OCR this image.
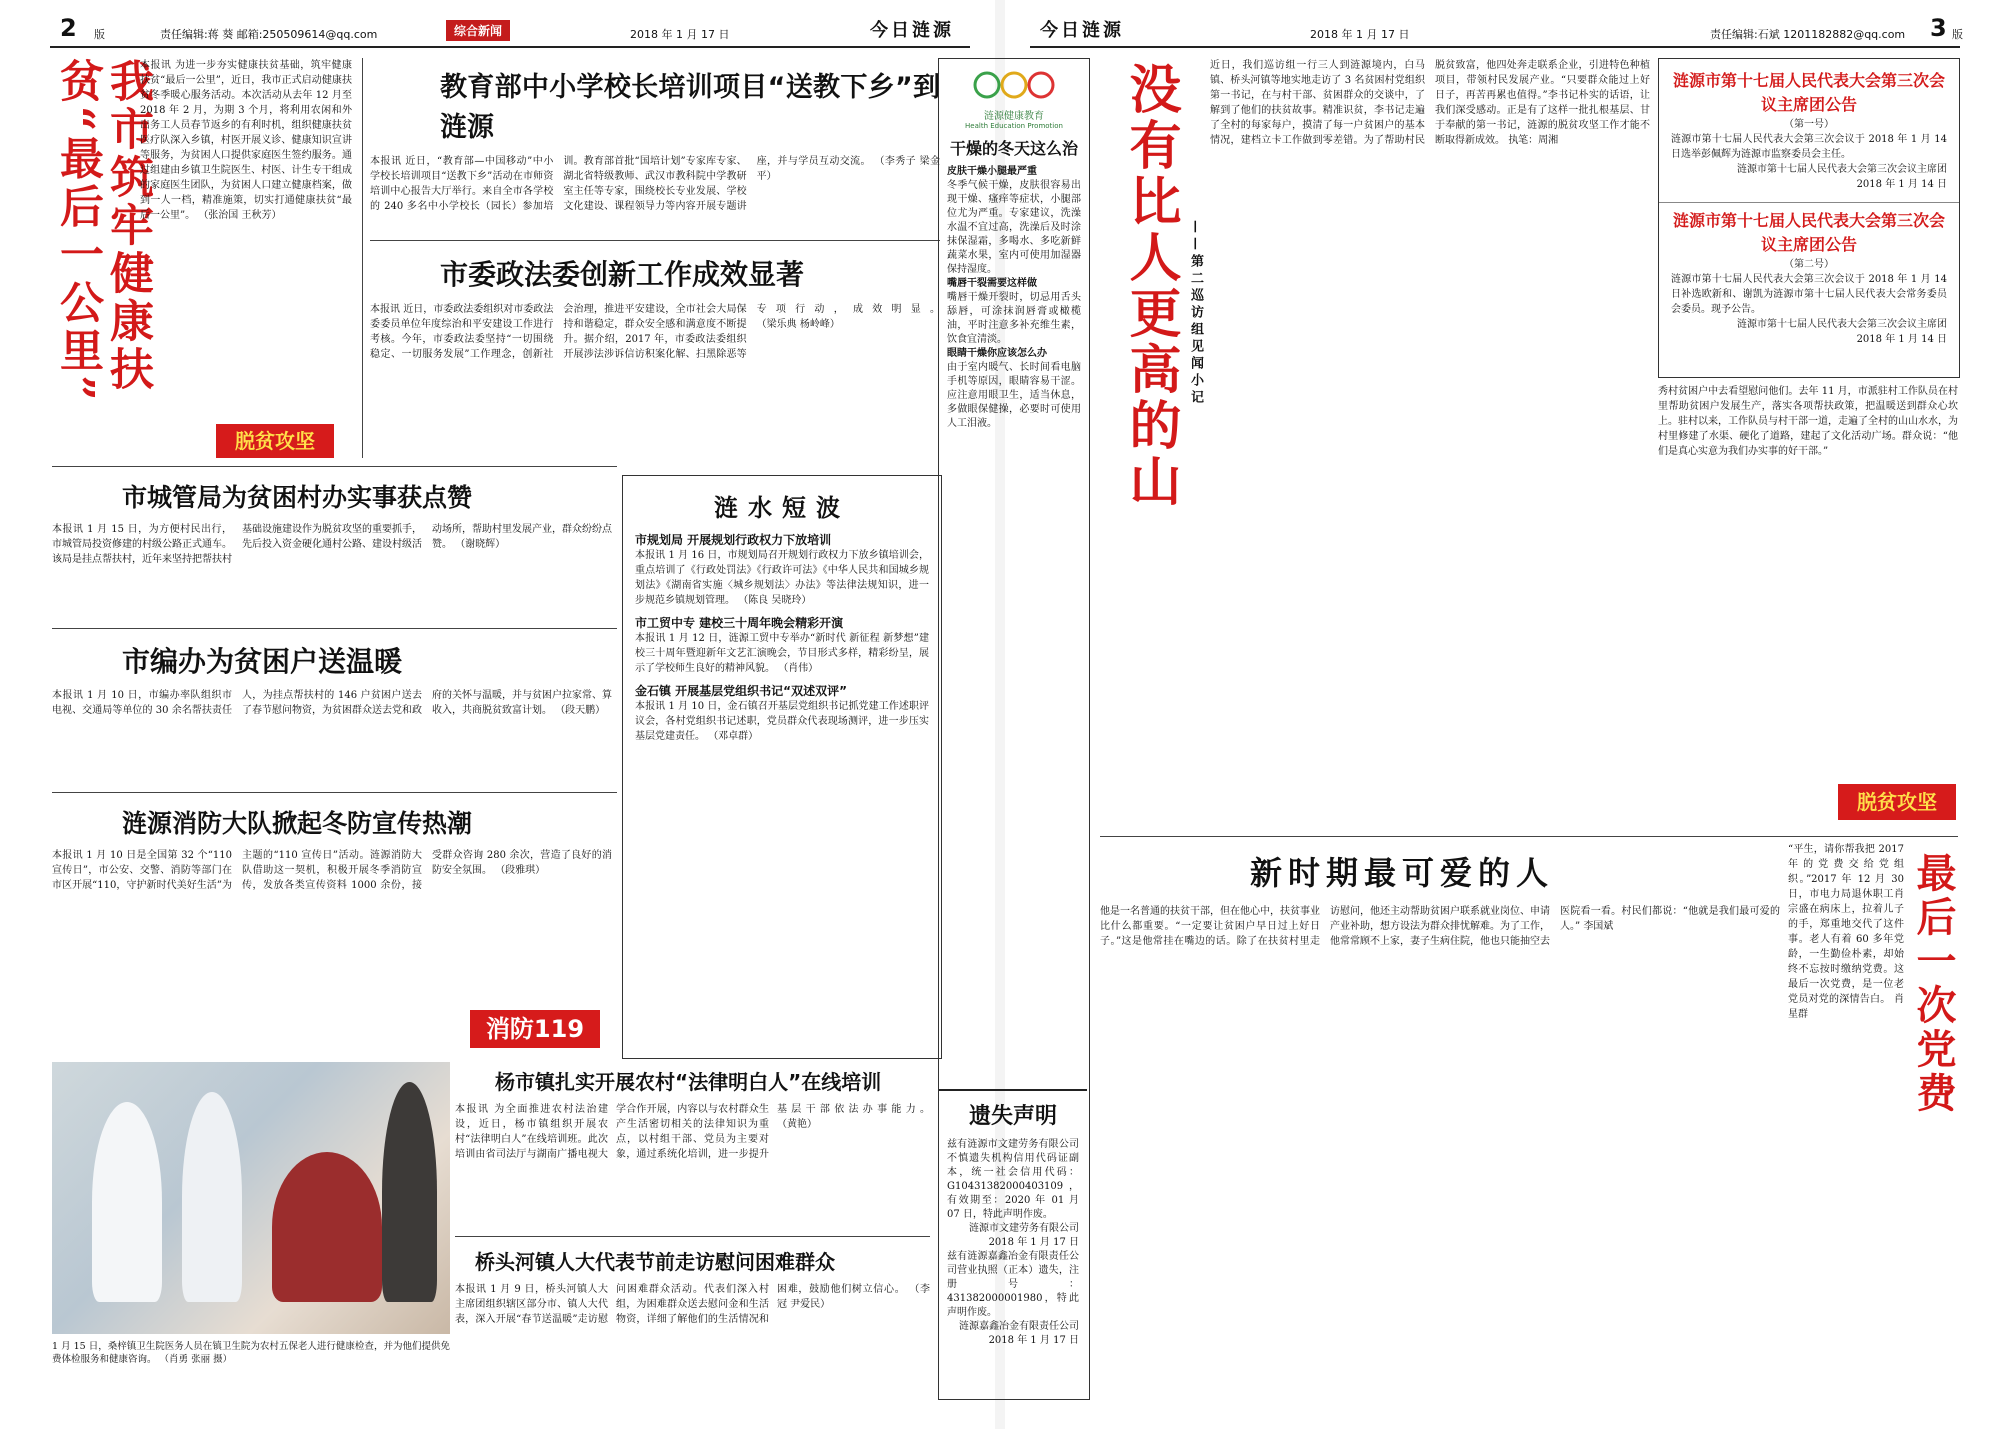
2 版	责任编辑:蒋 葵 邮箱:250509614@qq.com	综合新闻	2018 年 1 月 17 日	今日涟源
我市筑牢健康扶贫“最后一公里”	本报讯 为进一步夯实健康扶贫基础，筑牢健康扶贫“最后一公里”，近日，我市正式启动健康扶贫冬季暖心服务活动。本次活动从去年 12 月至 2018 年 2 月，为期 3 个月，将利用农闲和外出务工人员春节返乡的有利时机，组织健康扶贫医疗队深入乡镇，村医开展义诊、健康知识宣讲等服务，为贫困人口提供家庭医生签约服务。通过组建由乡镇卫生院医生、村医、计生专干组成的家庭医生团队，为贫困人口建立健康档案，做到一人一档，精准施策，切实打通健康扶贫“最后一公里”。 （张治国 王秋芳）
脱贫攻坚
教育部中小学校长培训项目“送教下乡”到涟源
本报讯 近日，“教育部—中国移动”中小学校长培训项目“送教下乡”活动在市师资培训中心报告大厅举行。来自全市各学校的 240 多名中小学校长（园长）参加培训。教育部首批“国培计划”专家库专家、湖北省特级教师、武汉市教科院中学教研室主任等专家，围绕校长专业发展、学校文化建设、课程领导力等内容开展专题讲座，并与学员互动交流。 （李秀子 梁金平）
市委政法委创新工作成效显著
本报讯 近日，市委政法委组织对市委政法委委员单位年度综治和平安建设工作进行考核。今年，市委政法委坚持“一切围绕稳定、一切服务发展”工作理念，创新社会治理，推进平安建设，全市社会大局保持和谐稳定，群众安全感和满意度不断提升。据介绍，2017 年，市委政法委组织开展涉法涉诉信访积案化解、扫黑除恶等专项行动，成效明显。 （梁乐典 杨岭峰）
市城管局为贫困村办实事获点赞
本报讯 1 月 15 日，为方便村民出行，市城管局投资修建的村级公路正式通车。该局是挂点帮扶村，近年来坚持把帮扶村基础设施建设作为脱贫攻坚的重要抓手，先后投入资金硬化通村公路、建设村级活动场所，帮助村里发展产业，群众纷纷点赞。 （谢晓辉）
市编办为贫困户送温暖
本报讯 1 月 10 日，市编办率队组织市电视、交通局等单位的 30 余名帮扶责任人，为挂点帮扶村的 146 户贫困户送去了春节慰问物资，为贫困群众送去党和政府的关怀与温暖，并与贫困户拉家常、算收入，共商脱贫致富计划。 （段天鹏）
涟源消防大队掀起冬防宣传热潮
本报讯 1 月 10 日是全国第 32 个“110 宣传日”，市公安、交警、消防等部门在市区开展“110，守护新时代美好生活”为主题的“110 宣传日”活动。涟源消防大队借助这一契机，积极开展冬季消防宣传，发放各类宣传资料 1000 余份，接受群众咨询 280 余次，营造了良好的消防安全氛围。 （段雅琪）
消防119
涟水短波
市规划局 开展规划行政权力下放培训
本报讯 1 月 16 日，市规划局召开规划行政权力下放乡镇培训会，重点培训了《行政处罚法》《行政许可法》《中华人民共和国城乡规划法》《湖南省实施〈城乡规划法〉办法》等法律法规知识，进一步规范乡镇规划管理。 （陈良 吴晓玲）
市工贸中专 建校三十周年晚会精彩开演
本报讯 1 月 12 日，涟源工贸中专举办“新时代 新征程 新梦想”建校三十周年暨迎新年文艺汇演晚会，节目形式多样，精彩纷呈，展示了学校师生良好的精神风貌。 （肖伟）
金石镇 开展基层党组织书记“双述双评”
本报讯 1 月 10 日，金石镇召开基层党组织书记抓党建工作述职评议会，各村党组织书记述职，党员群众代表现场测评，进一步压实基层党建责任。 （邓卓群）
1 月 15 日，桑梓镇卫生院医务人员在镇卫生院为农村五保老人进行健康检查，并为他们提供免费体检服务和健康咨询。 （肖勇 张丽 摄）
杨市镇扎实开展农村“法律明白人”在线培训
本报讯 为全面推进农村法治建设，近日，杨市镇组织开展农村“法律明白人”在线培训班。此次培训由省司法厅与湖南广播电视大学合作开展，内容以与农村群众生产生活密切相关的法律知识为重点，以村组干部、党员为主要对象，通过系统化培训，进一步提升基层干部依法办事能力。 （黄艳）
桥头河镇人大代表节前走访慰问困难群众
本报讯 1 月 9 日，桥头河镇人大主席团组织辖区部分市、镇人大代表，深入开展“春节送温暖”走访慰问困难群众活动。代表们深入村组，为困难群众送去慰问金和生活物资，详细了解他们的生活情况和困难，鼓励他们树立信心。 （李冠 尹爱民）
今日涟源	2018 年 1 月 17 日	责任编辑:石斌 1201182882@qq.com 3 版
没有比人更高的山 ——第二巡访组见闻小记
近日，我们巡访组一行三人到涟源境内，白马镇、桥头河镇等地实地走访了 3 名贫困村党组织第一书记，在与村干部、贫困群众的交谈中，了解到了他们的扶贫故事。精准识贫，李书记走遍了全村的每家每户，摸清了每一户贫困户的基本情况，建档立卡工作做到零差错。为了帮助村民脱贫致富，他四处奔走联系企业，引进特色种植项目，带领村民发展产业。“只要群众能过上好日子，再苦再累也值得。”李书记朴实的话语，让我们深受感动。正是有了这样一批扎根基层、甘于奉献的第一书记，涟源的脱贫攻坚工作才能不断取得新成效。 执笔：周湘
涟源市第十七届人民代表大会第三次会议主席团公告
（第一号）
涟源市第十七届人民代表大会第三次会议于 2018 年 1 月 14 日选举彭佩辉为涟源市监察委员会主任。
涟源市第十七届人民代表大会第三次会议主席团
2018 年 1 月 14 日
涟源市第十七届人民代表大会第三次会议主席团公告
（第二号）
涟源市第十七届人民代表大会第三次会议于 2018 年 1 月 14 日补选欧新和、谢凯为涟源市第十七届人民代表大会常务委员会委员。现予公告。
涟源市第十七届人民代表大会第三次会议主席团
2018 年 1 月 14 日
秀村贫困户中去看望慰问他们。去年 11 月，市派驻村工作队员在村里帮助贫困户发展生产，落实各项帮扶政策，把温暖送到群众心坎上。驻村以来，工作队员与村干部一道，走遍了全村的山山水水，为村里修建了水渠、硬化了道路，建起了文化活动广场。群众说：“他们是真心实意为我们办实事的好干部。”
脱贫攻坚
新时期最可爱的人
他是一名普通的扶贫干部，但在他心中，扶贫事业比什么都重要。“一定要让贫困户早日过上好日子。”这是他常挂在嘴边的话。除了在扶贫村里走访慰问，他还主动帮助贫困户联系就业岗位、申请产业补助，想方设法为群众排忧解难。为了工作，他常常顾不上家，妻子生病住院，他也只能抽空去医院看一看。村民们都说：“他就是我们最可爱的人。” 李国斌	最后一次党费
“平生，请你帮我把 2017 年的党费交给党组织。”2017 年 12 月 30 日，市电力局退休职工肖宗盛在病床上，拉着儿子的手，郑重地交代了这件事。老人有着 60 多年党龄，一生勤俭朴素，却始终不忘按时缴纳党费。这最后一次党费，是一位老党员对党的深情告白。 肖星群
涟源健康教育
Health Education Promotion
干燥的冬天这么治
皮肤干燥小腿最严重
冬季气候干燥，皮肤很容易出现干燥、瘙痒等症状，小腿部位尤为严重。专家建议，洗澡水温不宜过高，洗澡后及时涂抹保湿霜，多喝水、多吃新鲜蔬菜水果，室内可使用加湿器保持湿度。
嘴唇干裂需要这样做
嘴唇干燥开裂时，切忌用舌头舔唇，可涂抹润唇膏或橄榄油，平时注意多补充维生素，饮食宜清淡。
眼睛干燥你应该怎么办
由于室内暖气、长时间看电脑手机等原因，眼睛容易干涩。应注意用眼卫生，适当休息，多做眼保健操，必要时可使用人工泪液。
遗失声明
兹有涟源市文建劳务有限公司不慎遗失机构信用代码证副本，统一社会信用代码：G10431382000403109，有效期至：2020 年 01 月 07 日，特此声明作废。
涟源市文建劳务有限公司
2018 年 1 月 17 日
兹有涟源嘉鑫冶金有限责任公司营业执照（正本）遗失，注册号：431382000001980，特此声明作废。
涟源嘉鑫冶金有限责任公司
2018 年 1 月 17 日
